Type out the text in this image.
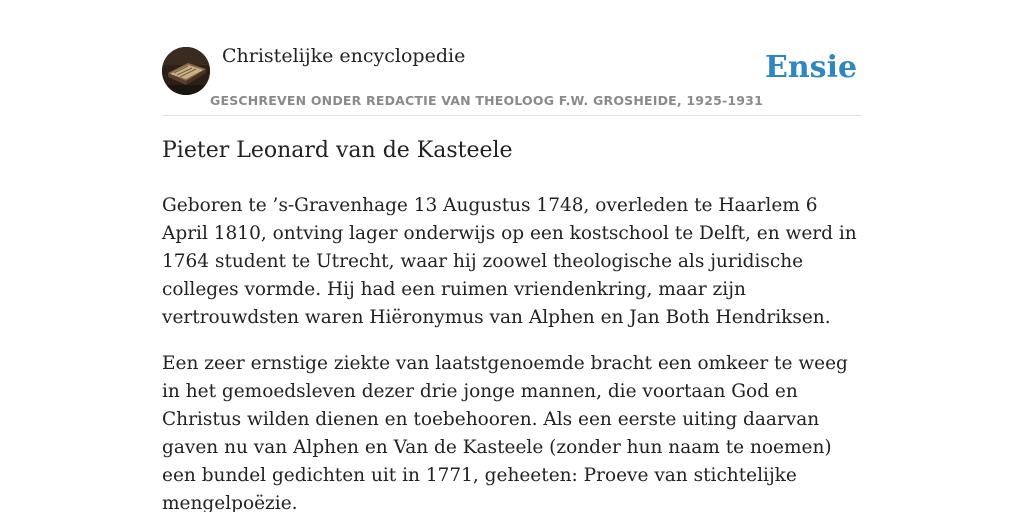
Christelijke encyclopedie
GESCHREVEN ONDER REDACTIE VAN THEOLOOG F.W. GROSHEIDE, 1925-1931
Ensie
Pieter Leonard van de Kasteele

Geboren te ’s-Gravenhage 13 Augustus 1748, overleden te Haarlem 6 April 1810, ontving lager onderwijs op een kostschool te Delft, en werd in 1764 student te Utrecht, waar hij zoowel theologische als juridische colleges vormde. Hij had een ruimen vriendenkring, maar zijn vertrouwdsten waren Hiëronymus van Alphen en Jan Both Hendriksen.

Een zeer ernstige ziekte van laatstgenoemde bracht een omkeer te weeg in het gemoedsleven dezer drie jonge mannen, die voortaan God en Christus wilden dienen en toebehooren. Als een eerste uiting daarvan gaven nu van Alphen en Van de Kasteele (zonder hun naam te noemen) een bundel gedichten uit in 1771, geheeten: Proeve van stichtelijke mengelpoëzie.
